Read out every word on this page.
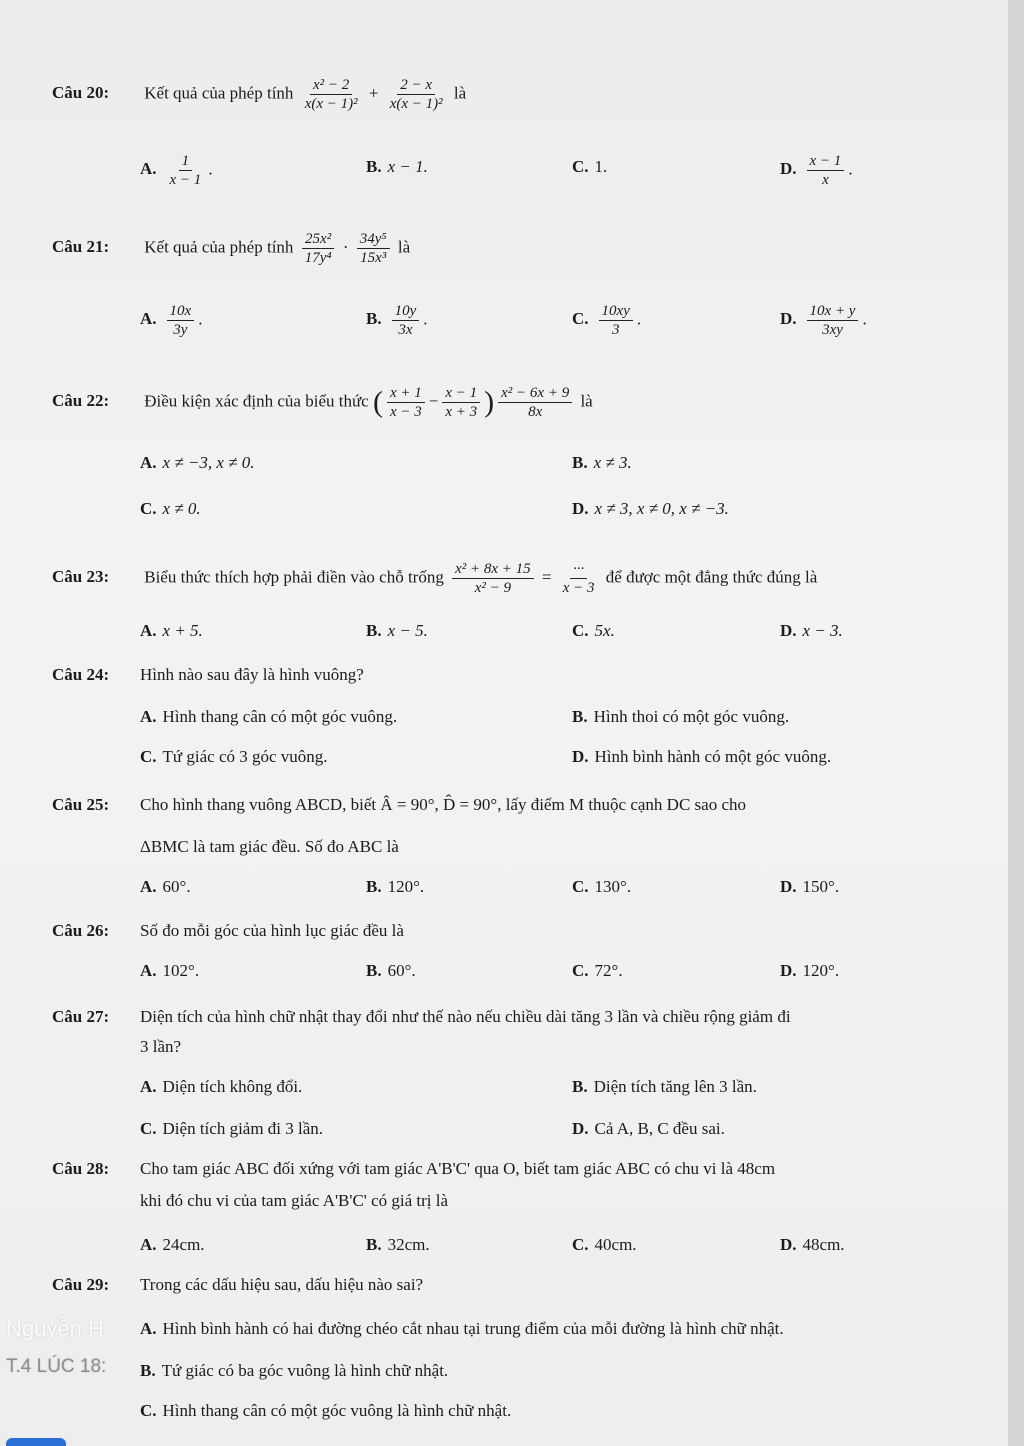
Câu 20: Kết quả của phép tính $\frac{\text{x² − 2}}{\text{x(x − 1)²}} + \frac{2 - x}{\text{x(x − 1)²}}$ là
A. $\frac{1}{x - 1}$ .	B. x − 1.	C. 1.	D. $\frac{x - 1}{x}$ .
Câu 21: Kết quả của phép tính $\frac{\text{25x²}}{\text{17y⁴}} \cdot \frac{\text{34y⁵}}{\text{15x³}}$ là
A. $\frac{10x}{3y}$ .	B. $\frac{10y}{3x}$ .	C. $\frac{10xy}{3}$ .	D. $\frac{10x + y}{3xy}$ .
Câu 22: Điều kiện xác định của biểu thức ( $\frac{x + 1}{x - 3} - \frac{x - 1}{x + 3}$ ) $\frac{\text{x² − 6x + 9}}{8x}$ là
A. x ≠ −3, x ≠ 0.	B. x ≠ 3.
C. x ≠ 0.	D. x ≠ 3, x ≠ 0, x ≠ −3.
Câu 23: Biểu thức thích hợp phải điền vào chỗ trống $\frac{\text{x² + 8x + 15}}{\text{x² − 9}} = \frac{\cdot\cdot\cdot}{x - 3}$ để được một đẳng thức đúng là
A. x + 5.	B. x − 5.	C. 5x.	D. x − 3.
Câu 24: Hình nào sau đây là hình vuông?
A. Hình thang cân có một góc vuông.	B. Hình thoi có một góc vuông.
C. Tứ giác có 3 góc vuông.	D. Hình bình hành có một góc vuông.
Câu 25: Cho hình thang vuông ABCD, biết Â = 90°, D̂ = 90°, lấy điểm M thuộc cạnh DC sao cho
ΔBMC là tam giác đều. Số đo ABC là
A. 60°.	B. 120°.	C. 130°.	D. 150°.
Câu 26: Số đo mỗi góc của hình lục giác đều là
A. 102°.	B. 60°.	C. 72°.	D. 120°.
Câu 27: Diện tích của hình chữ nhật thay đổi như thế nào nếu chiều dài tăng 3 lần và chiều rộng giảm đi
3 lần?
A. Diện tích không đổi.	B. Diện tích tăng lên 3 lần.
C. Diện tích giảm đi 3 lần.	D. Cả A, B, C đều sai.
Câu 28: Cho tam giác ABC đối xứng với tam giác A'B'C' qua O, biết tam giác ABC có chu vi là 48cm
khi đó chu vi của tam giác A'B'C' có giá trị là
A. 24cm.	B. 32cm.	C. 40cm.	D. 48cm.
Câu 29: Trong các dấu hiệu sau, dấu hiệu nào sai?
A. Hình bình hành có hai đường chéo cắt nhau tại trung điểm của mỗi đường là hình chữ nhật.
B. Tứ giác có ba góc vuông là hình chữ nhật.
C. Hình thang cân có một góc vuông là hình chữ nhật.
Nguyễn H
T.4 LÚC 18:
